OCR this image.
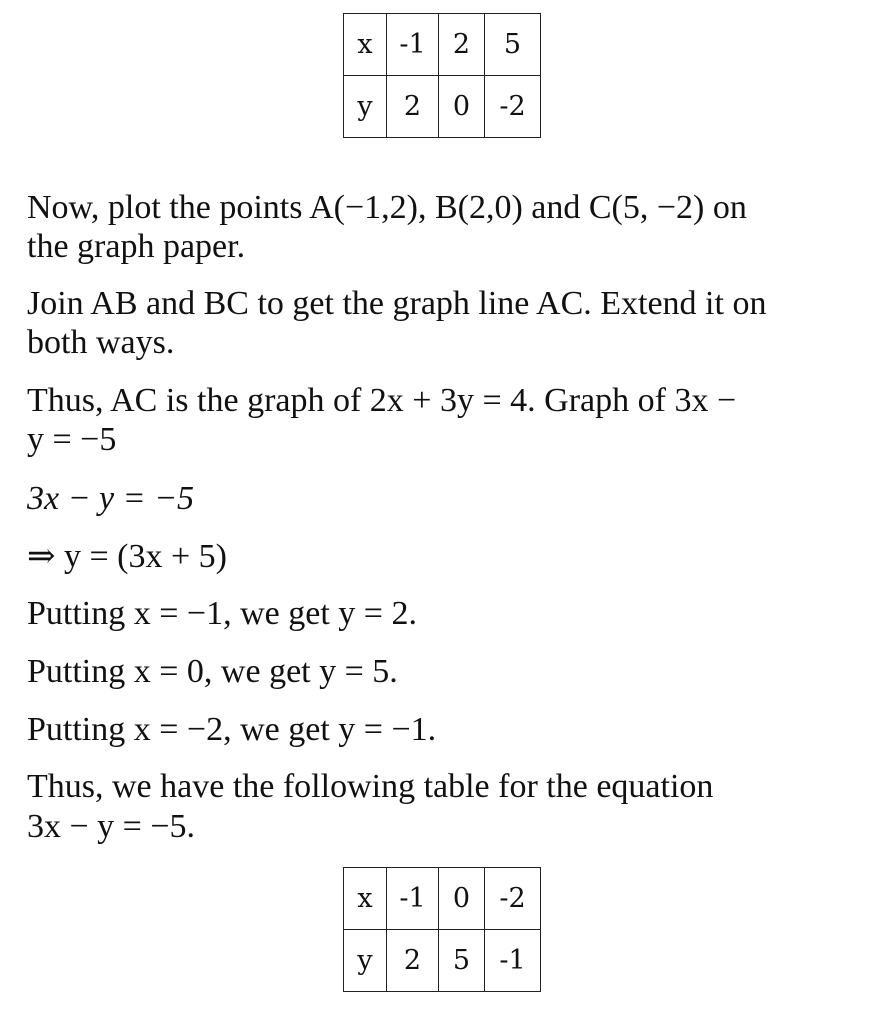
x	-1	2	5
y	2	0	-2
Now, plot the points A(−1,2), B(2,0) and C(5, −2) on
the graph paper.
Join AB and BC to get the graph line AC. Extend it on
both ways.
Thus, AC is the graph of 2x + 3y = 4. Graph of 3x −
y = −5
3x − y = −5
⇒ y = (3x + 5)
Putting x = −1, we get y = 2.
Putting x = 0, we get y = 5.
Putting x = −2, we get y = −1.
Thus, we have the following table for the equation
3x − y = −5.
x	-1	0	-2
y	2	5	-1
